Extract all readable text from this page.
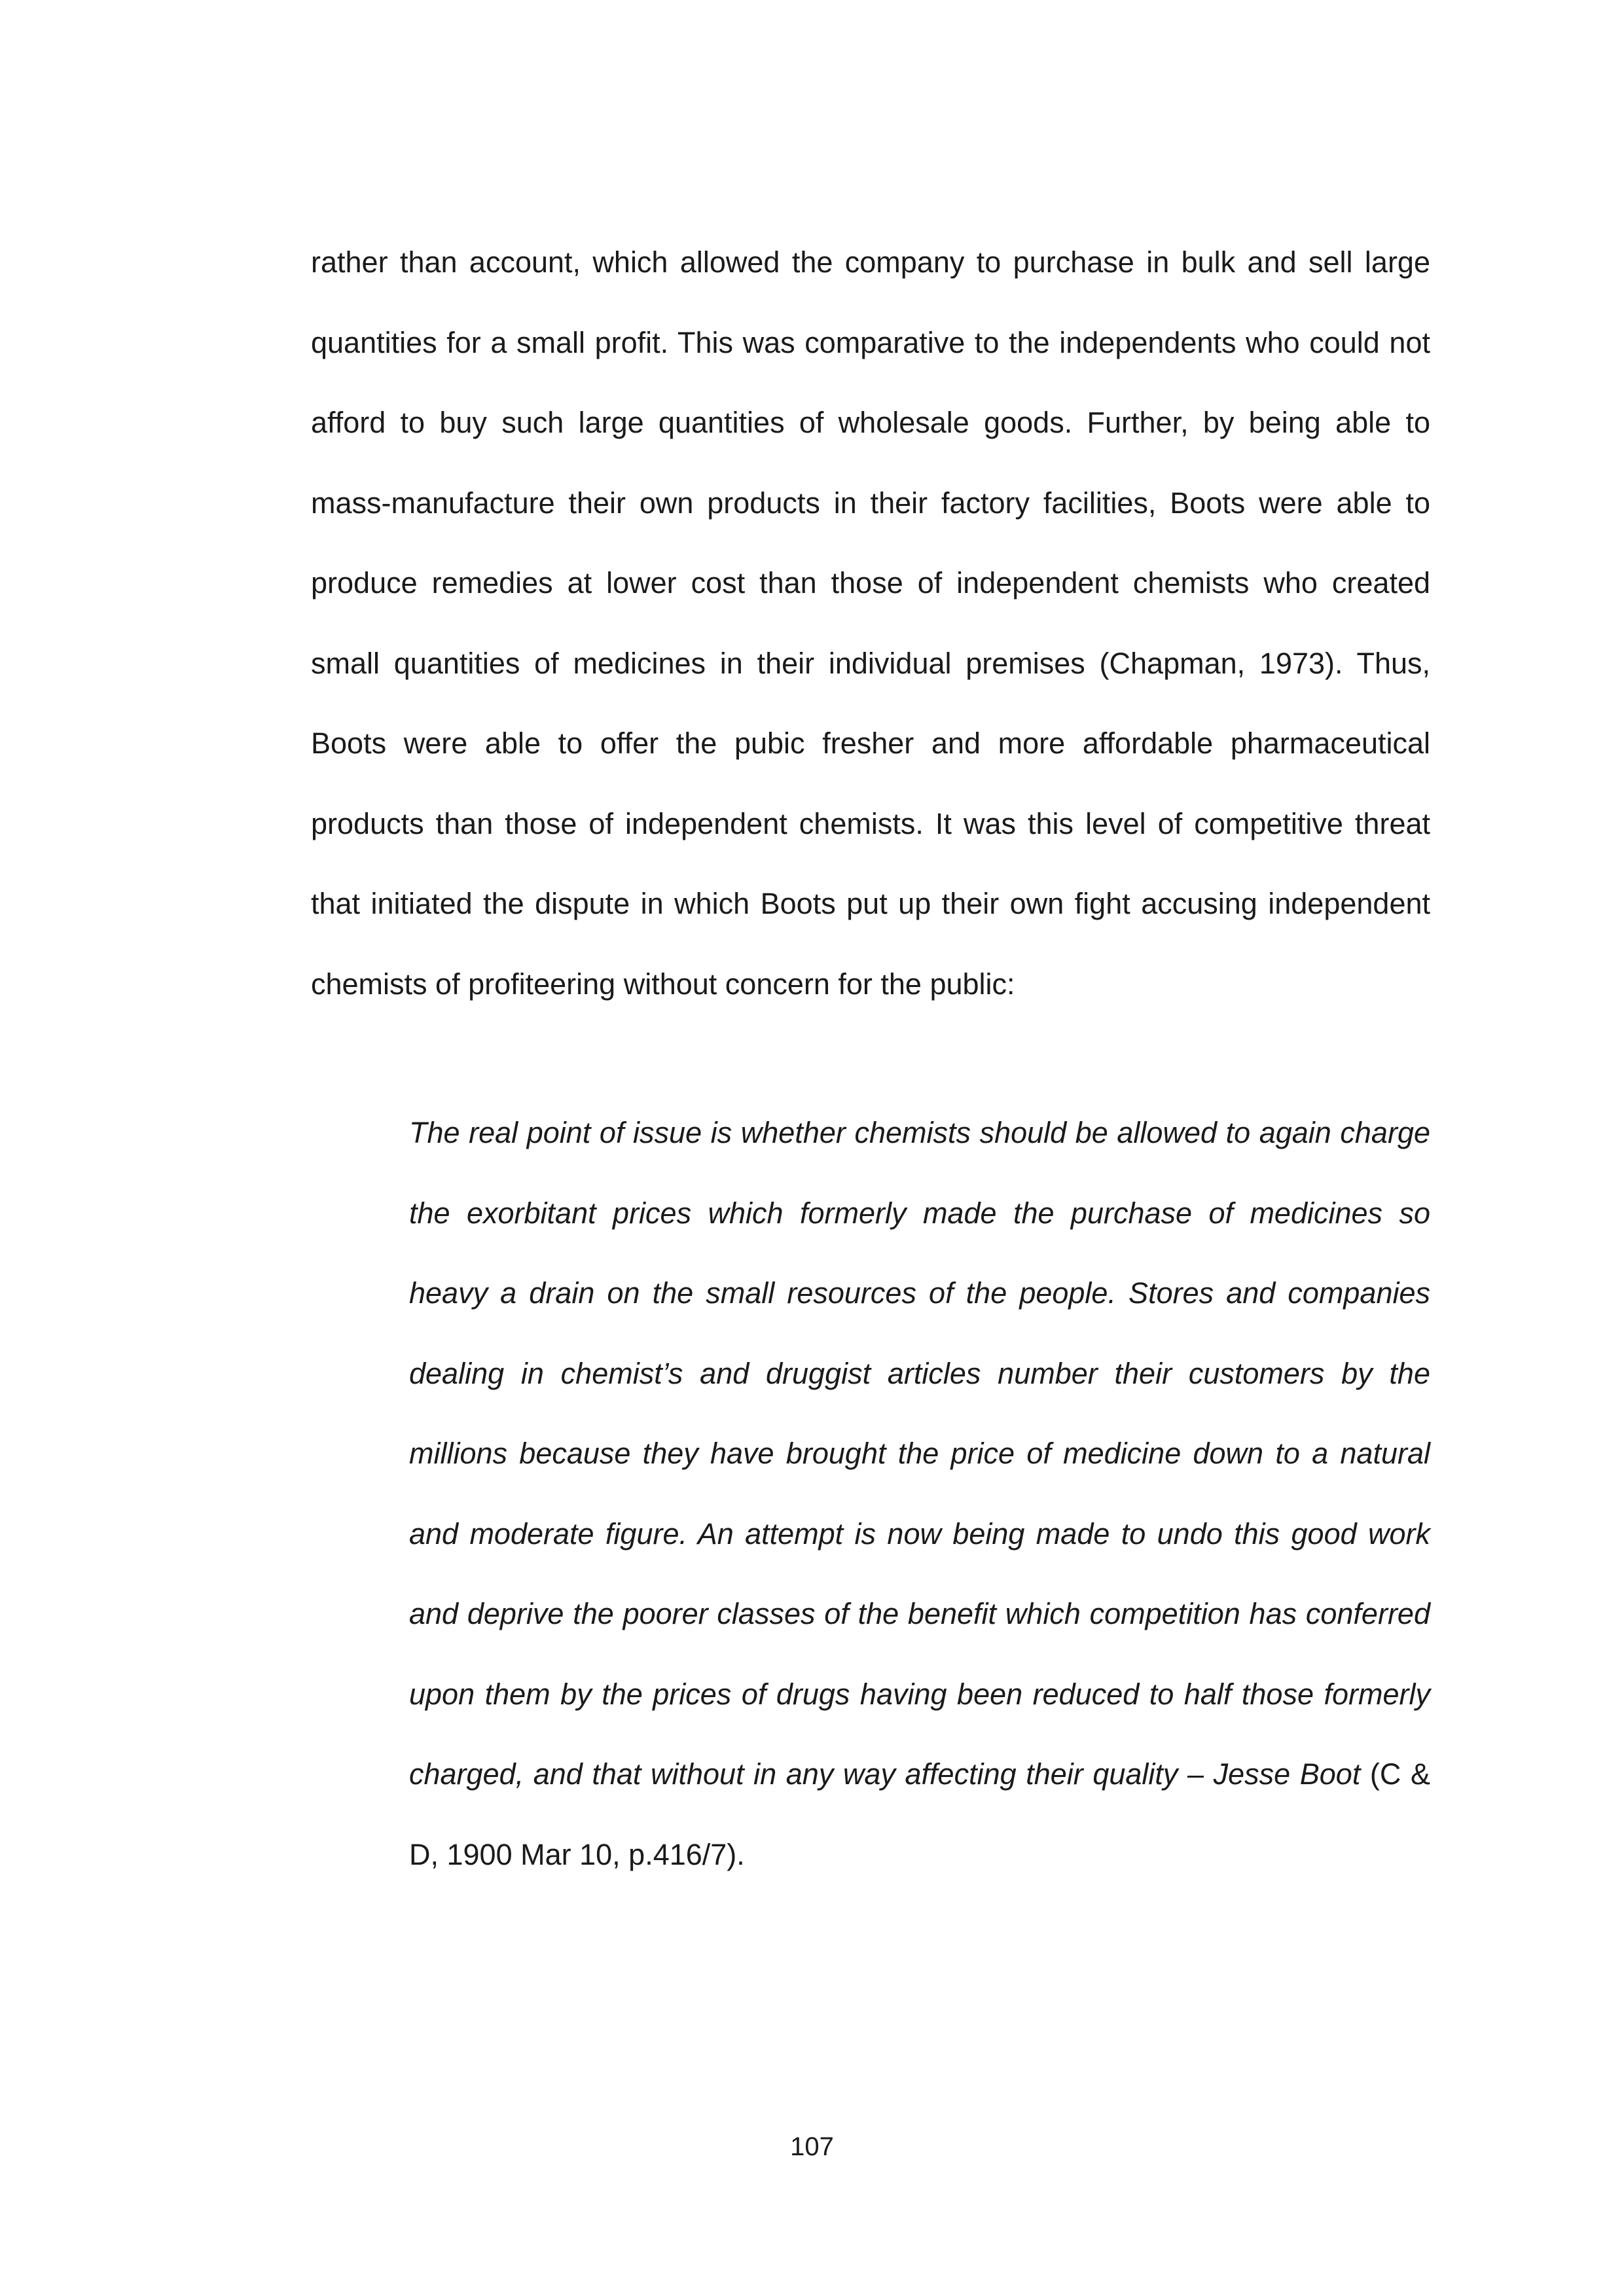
rather than account, which allowed the company to purchase in bulk and sell large quantities for a small profit. This was comparative to the independents who could not afford to buy such large quantities of wholesale goods. Further, by being able to mass-manufacture their own products in their factory facilities, Boots were able to produce remedies at lower cost than those of independent chemists who created small quantities of medicines in their individual premises (Chapman, 1973). Thus, Boots were able to offer the pubic fresher and more affordable pharmaceutical products than those of independent chemists. It was this level of competitive threat that initiated the dispute in which Boots put up their own fight accusing independent chemists of profiteering without concern for the public:

The real point of issue is whether chemists should be allowed to again charge the exorbitant prices which formerly made the purchase of medicines so heavy a drain on the small resources of the people. Stores and companies dealing in chemist’s and druggist articles number their customers by the millions because they have brought the price of medicine down to a natural and moderate figure. An attempt is now being made to undo this good work and deprive the poorer classes of the benefit which competition has conferred upon them by the prices of drugs having been reduced to half those formerly charged, and that without in any way affecting their quality – Jesse Boot (C & D, 1900 Mar 10, p.416/7).

107
